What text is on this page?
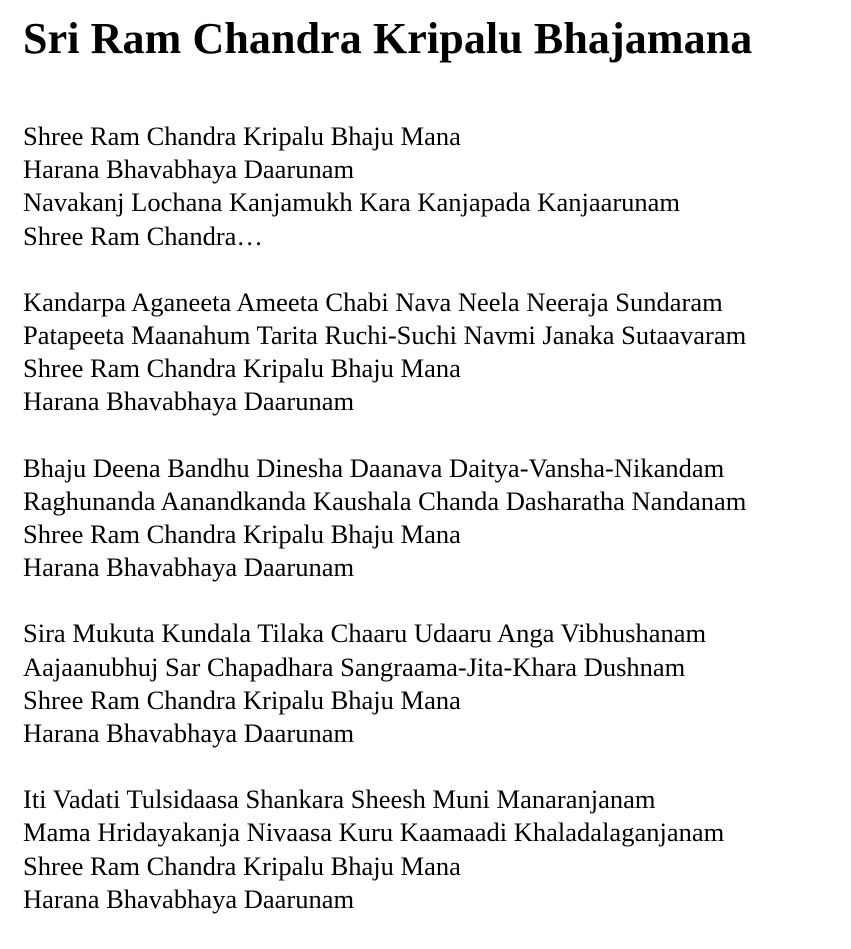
Sri Ram Chandra Kripalu Bhajamana
Shree Ram Chandra Kripalu Bhaju Mana
Harana Bhavabhaya Daarunam
Navakanj Lochana Kanjamukh Kara Kanjapada Kanjaarunam
Shree Ram Chandra…
Kandarpa Aganeeta Ameeta Chabi Nava Neela Neeraja Sundaram
Patapeeta Maanahum Tarita Ruchi-Suchi Navmi Janaka Sutaavaram
Shree Ram Chandra Kripalu Bhaju Mana
Harana Bhavabhaya Daarunam
Bhaju Deena Bandhu Dinesha Daanava Daitya-Vansha-Nikandam
Raghunanda Aanandkanda Kaushala Chanda Dasharatha Nandanam
Shree Ram Chandra Kripalu Bhaju Mana
Harana Bhavabhaya Daarunam
Sira Mukuta Kundala Tilaka Chaaru Udaaru Anga Vibhushanam
Aajaanubhuj Sar Chapadhara Sangraama-Jita-Khara Dushnam
Shree Ram Chandra Kripalu Bhaju Mana
Harana Bhavabhaya Daarunam
Iti Vadati Tulsidaasa Shankara Sheesh Muni Manaranjanam
Mama Hridayakanja Nivaasa Kuru Kaamaadi Khaladalaganjanam
Shree Ram Chandra Kripalu Bhaju Mana
Harana Bhavabhaya Daarunam
